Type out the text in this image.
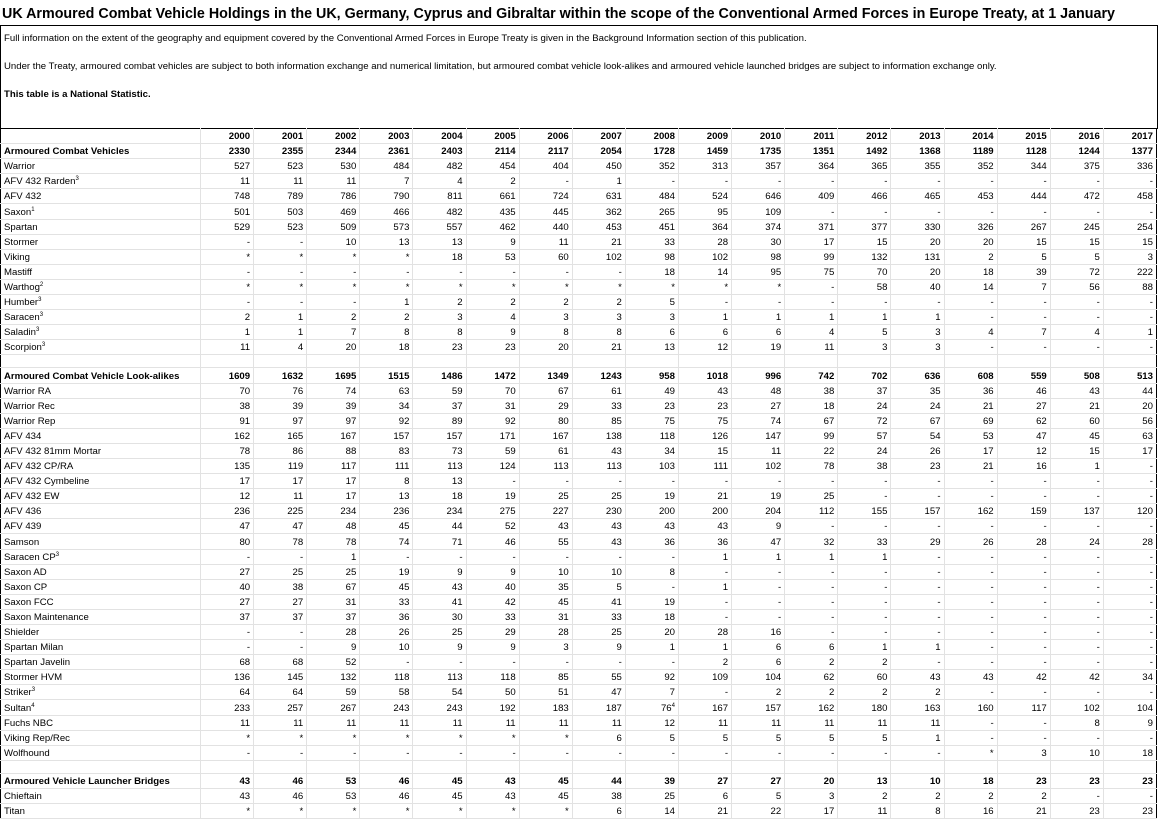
UK Armoured Combat Vehicle Holdings in the UK, Germany, Cyprus and Gibraltar within the scope of the Conventional Armed Forces in Europe Treaty, at 1 January
Full information on the extent of the geography and equipment covered by the Conventional Armed Forces in Europe Treaty is given in the Background Information section of this publication.
Under the Treaty, armoured combat vehicles are subject to both information exchange and numerical limitation, but armoured combat vehicle look-alikes and armoured vehicle launched bridges are subject to information exchange only.
This table is a National Statistic.
	2000	2001	2002	2003	2004	2005	2006	2007	2008	2009	2010	2011	2012	2013	2014	2015	2016	2017
Armoured Combat Vehicles	2330	2355	2344	2361	2403	2114	2117	2054	1728	1459	1735	1351	1492	1368	1189	1128	1244	1377
Warrior	527	523	530	484	482	454	404	450	352	313	357	364	365	355	352	344	375	336
AFV 432 Rarden$^3$	11	11	11	7	4	2	-	1	-	-	-	-	-	-	-	-	-	-
AFV 432	748	789	786	790	811	661	724	631	484	524	646	409	466	465	453	444	472	458
Saxon$^1$	501	503	469	466	482	435	445	362	265	95	109	-	-	-	-	-	-	-
Spartan	529	523	509	573	557	462	440	453	451	364	374	371	377	330	326	267	245	254
Stormer	-	-	10	13	13	9	11	21	33	28	30	17	15	20	20	15	15	15
Viking	*	*	*	*	18	53	60	102	98	102	98	99	132	131	2	5	5	3
Mastiff	-	-	-	-	-	-	-	-	18	14	95	75	70	20	18	39	72	222
Warthog$^2$	*	*	*	*	*	*	*	*	*	*	*	-	58	40	14	7	56	88
Humber$^3$	-	-	-	1	2	2	2	2	5	-	-	-	-	-	-	-	-	-
Saracen$^3$	2	1	2	2	3	4	3	3	3	1	1	1	1	1	-	-	-	-
Saladin$^3$	1	1	7	8	8	9	8	8	6	6	6	4	5	3	4	7	4	1
Scorpion$^3$	11	4	20	18	23	23	20	21	13	12	19	11	3	3	-	-	-	-

Armoured Combat Vehicle Look-alikes	1609	1632	1695	1515	1486	1472	1349	1243	958	1018	996	742	702	636	608	559	508	513
Warrior RA	70	76	74	63	59	70	67	61	49	43	48	38	37	35	36	46	43	44
Warrior Rec	38	39	39	34	37	31	29	33	23	23	27	18	24	24	21	27	21	20
Warrior Rep	91	97	97	92	89	92	80	85	75	75	74	67	72	67	69	62	60	56
AFV 434	162	165	167	157	157	171	167	138	118	126	147	99	57	54	53	47	45	63
AFV 432 81mm Mortar	78	86	88	83	73	59	61	43	34	15	11	22	24	26	17	12	15	17
AFV 432 CP/RA	135	119	117	111	113	124	113	113	103	111	102	78	38	23	21	16	1	-
AFV 432 Cymbeline	17	17	17	8	13	-	-	-	-	-	-	-	-	-	-	-	-	-
AFV 432 EW	12	11	17	13	18	19	25	25	19	21	19	25	-	-	-	-	-	-
AFV 436	236	225	234	236	234	275	227	230	200	200	204	112	155	157	162	159	137	120
AFV 439	47	47	48	45	44	52	43	43	43	43	9	-	-	-	-	-	-	-
Samson	80	78	78	74	71	46	55	43	36	36	47	32	33	29	26	28	24	28
Saracen $CP^3$	-	-	1	-	-	-	-	-	-	1	1	1	1	-	-	-	-	-
Saxon AD	27	25	25	19	9	9	10	10	8	-	-	-	-	-	-	-	-	-
Saxon CP	40	38	67	45	43	40	35	5	-	1	-	-	-	-	-	-	-	-
Saxon FCC	27	27	31	33	41	42	45	41	19	-	-	-	-	-	-	-	-	-
Saxon Maintenance	37	37	37	36	30	33	31	33	18	-	-	-	-	-	-	-	-	-
Shielder	-	-	28	26	25	29	28	25	20	28	16	-	-	-	-	-	-	-
Spartan Milan	-	-	9	10	9	9	3	9	1	1	6	6	1	1	-	-	-	-
Spartan Javelin	68	68	52	-	-	-	-	-	-	2	6	2	2	-	-	-	-	-
Stormer HVM	136	145	132	118	113	118	85	55	92	109	104	62	60	43	43	42	42	34
Striker$^3$	64	64	59	58	54	50	51	47	7	-	2	2	2	2	-	-	-	-
Sultan$^4$	233	257	267	243	243	192	183	187	$76^4$	167	157	162	180	163	160	117	102	104
Fuchs NBC	11	11	11	11	11	11	11	11	12	11	11	11	11	11	-	-	8	9
Viking Rep/Rec	*	*	*	*	*	*	*	6	5	5	5	5	5	1	-	-	-	-
Wolfhound	-	-	-	-	-	-	-	-	-	-	-	-	-	-	*	3	10	18

Armoured Vehicle Launcher Bridges	43	46	53	46	45	43	45	44	39	27	27	20	13	10	18	23	23	23
Chieftain	43	46	53	46	45	43	45	38	25	6	5	3	2	2	2	2	-	-
Titan	*	*	*	*	*	*	*	6	14	21	22	17	11	8	16	21	23	23
